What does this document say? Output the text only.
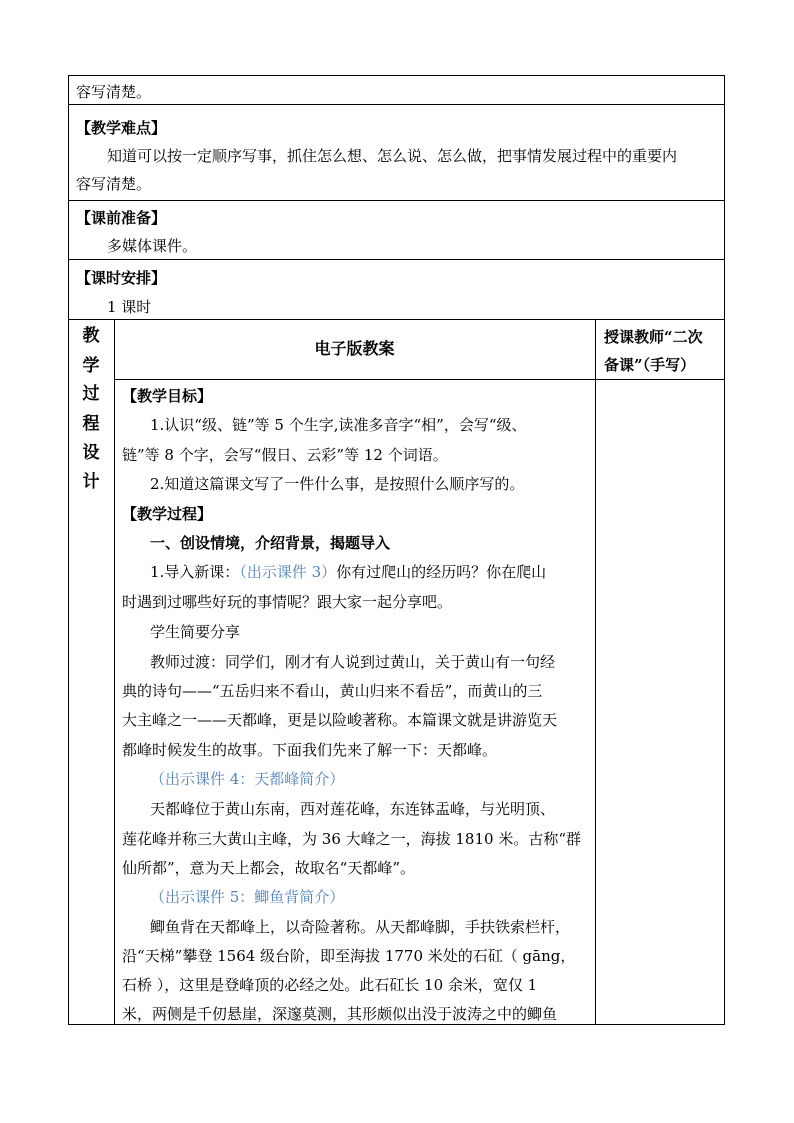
容写清楚。
【教学难点】
知道可以按一定顺序写事，抓住怎么想、怎么说、怎么做，把事情发展过程中的重要内
容写清楚。
【课前准备】
多媒体课件。
【课时安排】
1 课时
教
学
过
程
设
计
电子版教案
授课教师“二次
备课”（手写）
【教学目标】
1.认识“级、链”等 5 个生字,读准多音字“相”，会写“级、
链”等 8 个字，会写“假日、云彩”等 12 个词语。
2.知道这篇课文写了一件什么事，是按照什么顺序写的。
【教学过程】
一、创设情境，介绍背景，揭题导入
1.导入新课：（出示课件 3）你有过爬山的经历吗？你在爬山
时遇到过哪些好玩的事情呢？跟大家一起分享吧。
学生简要分享
教师过渡：同学们，刚才有人说到过黄山，关于黄山有一句经
典的诗句——“五岳归来不看山，黄山归来不看岳”，而黄山的三
大主峰之一——天都峰，更是以险峻著称。本篇课文就是讲游览天
都峰时候发生的故事。下面我们先来了解一下：天都峰。
（出示课件 4：天都峰简介）
天都峰位于黄山东南，西对莲花峰，东连钵盂峰，与光明顶、
莲花峰并称三大黄山主峰，为 36 大峰之一，海拔 1810 米。古称“群
仙所都”，意为天上都会，故取名“天都峰”。
（出示课件 5：鲫鱼背简介）
鲫鱼背在天都峰上，以奇险著称。从天都峰脚，手扶铁索栏杆，
沿“天梯”攀登 1564 级台阶，即至海拔 1770 米处的石矼（ gāng，
石桥 ），这里是登峰顶的必经之处。此石矼长 10 余米，宽仅 1
米，两侧是千仞悬崖，深邃莫测，其形颇似出没于波涛之中的鲫鱼
